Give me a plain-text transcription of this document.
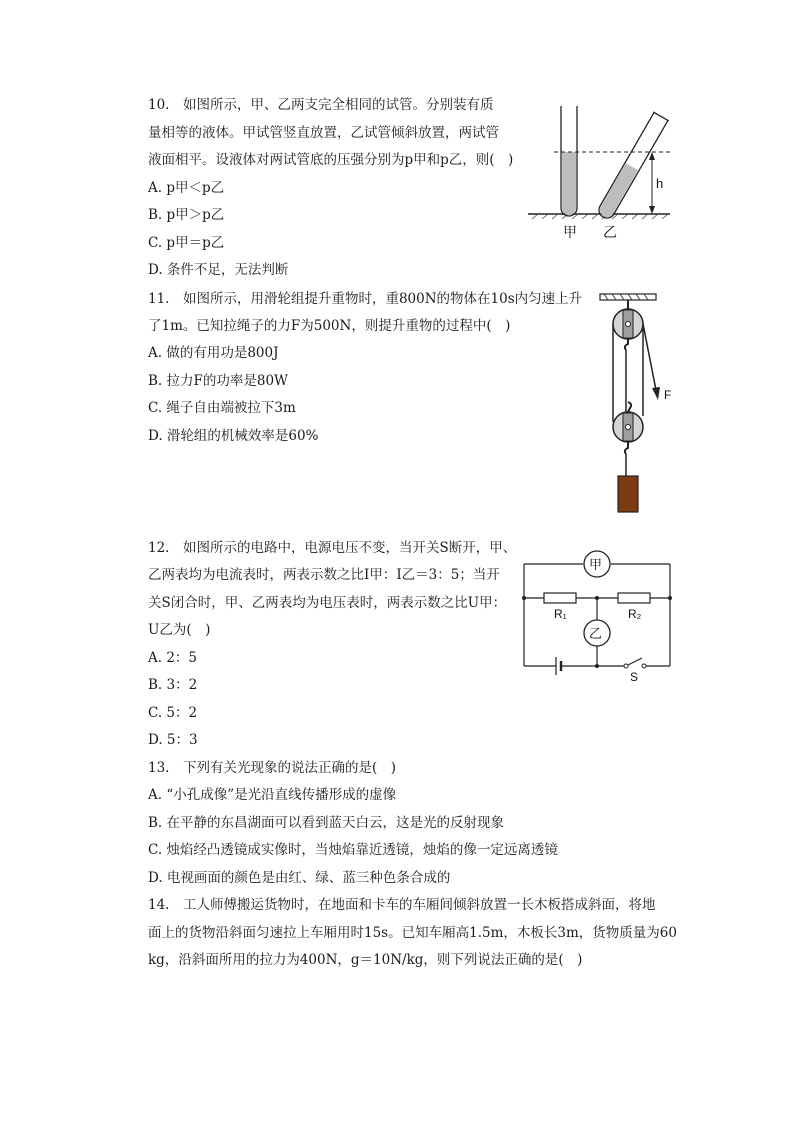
10.　如图所示，甲、乙两支完全相同的试管。分别装有质
量相等的液体。甲试管竖直放置，乙试管倾斜放置，两试管
液面相平。设液体对两试管底的压强分别为p甲和p乙，则(　)
A. p甲＜p乙
B. p甲＞p乙
C. p甲＝p乙
D. 条件不足，无法判断
h
甲 乙
11.　如图所示，用滑轮组提升重物时，重800N的物体在10s内匀速上升
了1m。已知拉绳子的力F为500N，则提升重物的过程中(　)
A. 做的有用功是800J
B. 拉力F的功率是80W
C. 绳子自由端被拉下3m
D. 滑轮组的机械效率是60%
F
12.　如图所示的电路中，电源电压不变，当开关S断开，甲、
乙两表均为电流表时，两表示数之比I甲：I乙＝3：5；当开
关S闭合时，甲、乙两表均为电压表时，两表示数之比U甲：
U乙为(　)
A. 2：5
B. 3：2
C. 5：2
D. 5：3
甲
R₁	R₂
乙
S
13.　下列有关光现象的说法正确的是(　)
A. “小孔成像”是光沿直线传播形成的虚像
B. 在平静的东昌湖面可以看到蓝天白云，这是光的反射现象
C. 烛焰经凸透镜成实像时，当烛焰靠近透镜，烛焰的像一定远离透镜
D. 电视画面的颜色是由红、绿、蓝三种色条合成的
14.　工人师傅搬运货物时，在地面和卡车的车厢间倾斜放置一长木板搭成斜面，将地
面上的货物沿斜面匀速拉上车厢用时15s。已知车厢高1.5m，木板长3m，货物质量为60
kg，沿斜面所用的拉力为400N，g＝10N/kg，则下列说法正确的是(　)
